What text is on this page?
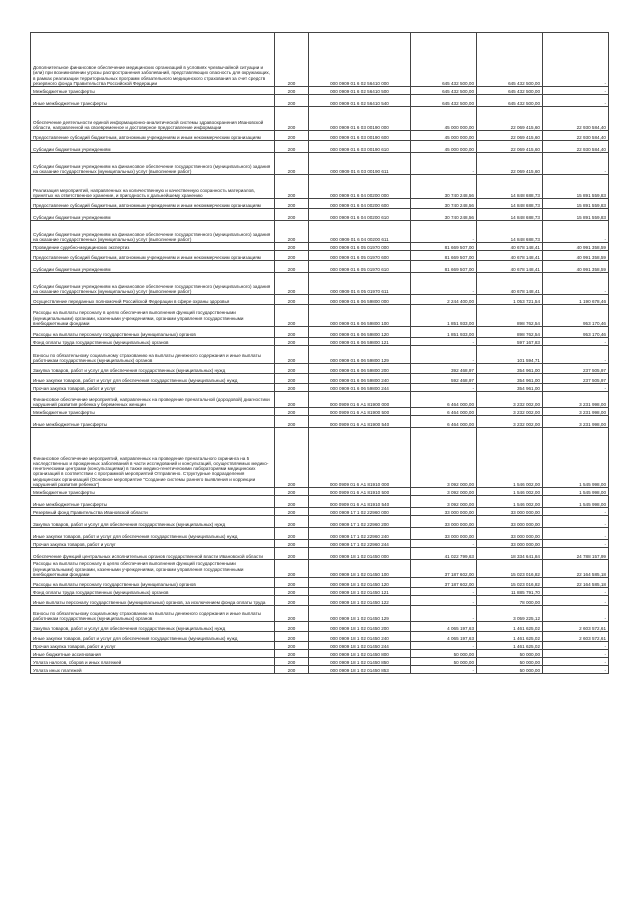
Дополнительное финансовое обеспечение медицинских организаций в условиях чрезвычайной ситуации и (или) при возникновении угрозы распространения заболеваний, представляющих опасность для окружающих, в рамках реализации территориальных программ обязательного медицинского страхования за счет средств резервного фонда Правительства Российской Федерации	200	000 0909 01 6 02 56410 000	645 432 500,00	645 432 500,00	-
Межбюджетные трансферты	200	000 0909 01 6 02 56410 500	645 432 500,00	645 432 500,00	-
Иные межбюджетные трансферты	200	000 0909 01 6 02 56410 540	645 432 500,00	645 432 500,00	-
Обеспечение деятельности единой информационно-аналитической системы здравоохранения Ивановской области, направленной на своевременное и достоверное предоставление информации	200	000 0909 01 6 03 00190 000	45 000 000,00	22 069 415,60	22 930 584,40
Предоставление субсидий бюджетным, автономным учреждениям и иным некоммерческим организациям	200	000 0909 01 6 03 00190 600	45 000 000,00	22 069 415,60	22 930 584,40
Субсидии бюджетным учреждениям	200	000 0909 01 6 03 00190 610	45 000 000,00	22 069 415,60	22 930 584,40
Субсидии бюджетным учреждениям на финансовое обеспечение государственного (муниципального) задания на оказание государственных (муниципальных) услуг (выполнение работ)	200	000 0909 01 6 03 00190 611	-	22 069 415,60	-
Реализация мероприятий, направленных на количественную и качественную сохранность материалов, принятых на ответственное хранение, и пригодность к дальнейшему хранению	200	000 0909 01 6 04 00200 000	30 740 248,56	14 848 688,73	15 891 559,83
Предоставление субсидий бюджетным, автономным учреждениям и иным некоммерческим организациям	200	000 0909 01 6 04 00200 600	30 740 248,56	14 848 688,73	15 891 559,83
Субсидии бюджетным учреждениям	200	000 0909 01 6 04 00200 610	30 740 248,56	14 848 688,73	15 891 559,83
Субсидии бюджетным учреждениям на финансовое обеспечение государственного (муниципального) задания на оказание государственных (муниципальных) услуг (выполнение работ)	200	000 0909 01 6 04 00200 611	-	14 848 688,73	-
Проведение судебно-медицинских экспертиз	200	000 0909 01 6 05 01970 000	81 669 507,00	40 678 148,41	40 991 358,59
Предоставление субсидий бюджетным, автономным учреждениям и иным некоммерческим организациям	200	000 0909 01 6 05 01970 600	81 669 507,00	40 678 148,41	40 991 358,59
Субсидии бюджетным учреждениям	200	000 0909 01 6 05 01970 610	81 669 507,00	40 678 148,41	40 991 358,59
Субсидии бюджетным учреждениям на финансовое обеспечение государственного (муниципального) задания на оказание государственных (муниципальных) услуг (выполнение работ)	200	000 0909 01 6 05 01970 611	-	40 678 148,41	-
Осуществление переданных полномочий Российской Федерации в сфере охраны здоровья	200	000 0909 01 6 06 59800 000	2 244 400,00	1 053 721,54	1 190 678,46
Расходы на выплаты персоналу в целях обеспечения выполнения функций государственными (муниципальными) органами, казенными учреждениями, органами управления государственными внебюджетными фондами	200	000 0909 01 6 06 59800 100	1 851 933,00	898 762,54	953 170,46
Расходы на выплаты персоналу государственных (муниципальных) органов	200	000 0909 01 6 06 59800 120	1 851 933,00	898 762,54	953 170,46
Фонд оплаты труда государственных (муниципальных) органов	200	000 0909 01 6 06 59800 121	-	597 167,83	-
Взносы по обязательному социальному страхованию на выплаты денежного содержания и иные выплаты работникам государственных (муниципальных) органов	200	000 0909 01 6 06 59800 129	-	101 594,71	-
Закупка товаров, работ и услуг для обеспечения государственных (муниципальных) нужд	200	000 0909 01 6 06 59800 200	392 468,97	354 961,00	237 505,97
Иные закупки товаров, работ и услуг для обеспечения государственных (муниципальных) нужд	200	000 0909 01 6 06 59800 240	592 468,97	354 961,00	237 505,97
Прочая закупка товаров, работ и услуг	200	000 0909 01 6 06 59800 244	-	354 961,00	-
Финансовое обеспечение мероприятий, направленных на проведение пренатальной (дородовой) диагностики нарушений развития ребенка у беременных женщин	200	000 0909 01 6 А1 81900 000	6 464 000,00	3 232 002,00	3 231 998,00
Межбюджетные трансферты	200	000 0909 01 6 А1 81900 500	6 464 000,00	3 232 002,00	3 231 998,00
Иные межбюджетные трансферты	200	000 0909 01 6 А1 81900 540	6 464 000,00	3 232 002,00	3 231 998,00
Финансовое обеспечение мероприятий, направленных на проведение пренатального скрининга на 5 наследственных и врожденных заболеваний в части исследований и консультаций, осуществляемых медико-генетическими центрами (консультациями) в также медико-генетическими лабораториями медицинских организаций в соответствии с программой мероприятий Отправлено. Структурные подразделения медицинских организаций (Основное мероприятие "Создание системы раннего выявления и коррекции нарушений развития ребенка")	200	000 0909 01 6 А1 81910 000	3 092 000,00	1 546 002,00	1 545 998,00
Межбюджетные трансферты	200	000 0909 01 6 А1 81910 500	3 092 000,00	1 546 002,00	1 545 998,00
Иные межбюджетные трансферты	200	000 0909 01 6 А1 81910 540	3 092 000,00	1 546 002,00	1 545 998,00
Резервный фонд Правительства Ивановской области	200	000 0909 17 1 02 22960 000	33 000 000,00	33 000 000,00	-
Закупка товаров, работ и услуг для обеспечения государственных (муниципальных) нужд	200	000 0909 17 1 02 22960 200	33 000 000,00	33 000 000,00	-
Иные закупки товаров, работ и услуг для обеспечения государственных (муниципальных) нужд	200	000 0909 17 1 02 22960 240	33 000 000,00	33 000 000,00	-
Прочая закупка товаров, работ и услуг	200	000 0909 17 1 02 22960 244	-	33 000 000,00	-
Обеспечение функций центральных исполнительных органов государственной власти Ивановской области	200	000 0909 18 1 02 01450 000	41 022 799,63	18 334 641,84	24 788 157,99
Расходы на выплаты персоналу в целях обеспечения выполнения функций государственными (муниципальными) органами, казенными учреждениями, органами управления государственными внебюджетными фондами	200	000 0909 18 1 02 01450 100	37 187 602,00	15 023 016,82	22 164 585,18
Расходы на выплаты персоналу государственных (муниципальных) органов	200	000 0909 18 1 02 01450 120	37 187 602,00	15 023 016,82	22 164 585,18
Фонд оплаты труда государственных (муниципальных) органов	200	000 0909 18 1 02 01450 121	-	11 885 791,70	-
Иные выплаты персоналу государственных (муниципальных) органов, за исключением фонда оплаты труда	200	000 0909 18 1 02 01450 122	-	78 000,00	-
Взносы по обязательному социальному страхованию на выплаты денежного содержания и иные выплаты работникам государственных (муниципальных) органов	200	000 0909 18 1 02 01450 129	-	3 059 225,12	-
Закупка товаров, работ и услуг для обеспечения государственных (муниципальных) нужд	200	000 0909 18 1 02 01450 200	4 065 197,63	1 461 625,02	2 603 572,61
Иные закупки товаров, работ и услуг для обеспечения государственных (муниципальных) нужд	200	000 0909 18 1 02 01450 240	4 065 197,63	1 461 625,02	2 603 572,61
Прочая закупка товаров, работ и услуг	200	000 0909 18 1 02 01450 244	-	1 461 625,02	-
Иные бюджетные ассигнования	200	000 0909 18 1 02 01450 800	50 000,00	50 000,00	-
Уплата налогов, сборов и иных платежей	200	000 0909 18 1 02 01450 850	50 000,00	50 000,00	-
Уплата иных платежей	200	000 0909 18 1 02 01450 853	-	50 000,00	-
